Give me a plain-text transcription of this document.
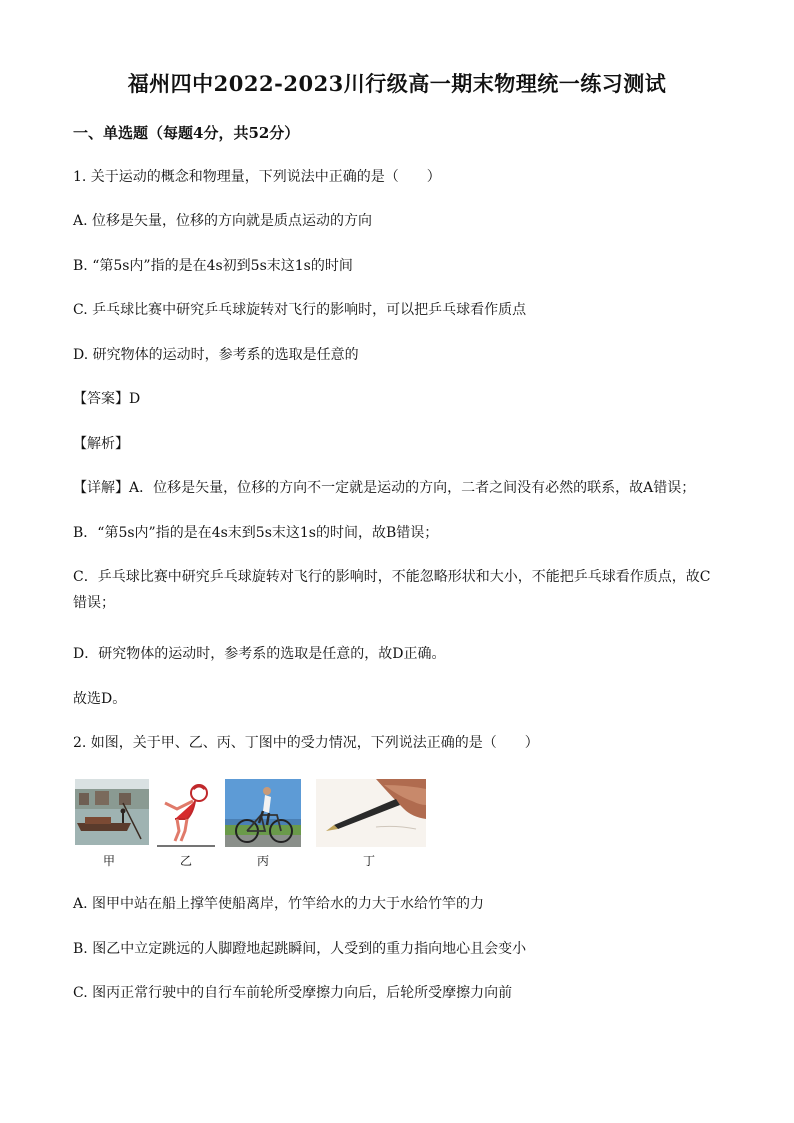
福州四中2022-2023川行级高一期末物理统一练习测试
一、单选题（每题4分，共52分）
1. 关于运动的概念和物理量，下列说法中正确的是（　　）
A. 位移是矢量，位移的方向就是质点运动的方向
B. “第5s内”指的是在4s初到5s末这1s的时间
C. 乒乓球比赛中研究乒乓球旋转对飞行的影响时，可以把乒乓球看作质点
D. 研究物体的运动时，参考系的选取是任意的
【答案】D
【解析】
【详解】A．位移是矢量，位移的方向不一定就是运动的方向，二者之间没有必然的联系，故A错误；
B．“第5s内”指的是在4s末到5s末这1s的时间，故B错误；
C．乒乓球比赛中研究乒乓球旋转对飞行的影响时，不能忽略形状和大小，不能把乒乓球看作质点，故C错误；
D．研究物体的运动时，参考系的选取是任意的，故D正确。
故选D。
2. 如图，关于甲、乙、丙、丁图中的受力情况，下列说法正确的是（　　）
甲	乙	丙	丁
A. 图甲中站在船上撑竿使船离岸，竹竿给水的力大于水给竹竿的力
B. 图乙中立定跳远的人脚蹬地起跳瞬间，人受到的重力指向地心且会变小
C. 图丙正常行驶中的自行车前轮所受摩擦力向后，后轮所受摩擦力向前
